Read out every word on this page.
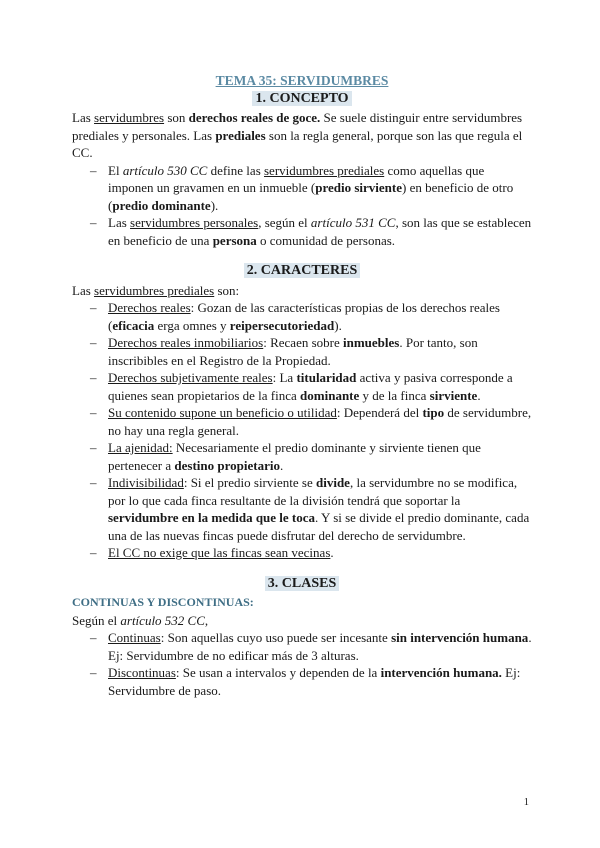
TEMA 35: SERVIDUMBRES
1. CONCEPTO

Las servidumbres son derechos reales de goce. Se suele distinguir entre servidumbres prediales y personales. Las prediales son la regla general, porque son las que regula el CC.

– El artículo 530 CC define las servidumbres prediales como aquellas que imponen un gravamen en un inmueble (predio sirviente) en beneficio de otro (predio dominante).
– Las servidumbres personales, según el artículo 531 CC, son las que se establecen en beneficio de una persona o comunidad de personas.
2. CARACTERES

Las servidumbres prediales son:

– Derechos reales: Gozan de las características propias de los derechos reales (eficacia erga omnes y reipersecutoriedad).
– Derechos reales inmobiliarios: Recaen sobre inmuebles. Por tanto, son inscribibles en el Registro de la Propiedad.
– Derechos subjetivamente reales: La titularidad activa y pasiva corresponde a quienes sean propietarios de la finca dominante y de la finca sirviente.
– Su contenido supone un beneficio o utilidad: Dependerá del tipo de servidumbre, no hay una regla general.
– La ajenidad: Necesariamente el predio dominante y sirviente tienen que pertenecer a destino propietario.
– Indivisibilidad: Si el predio sirviente se divide, la servidumbre no se modifica, por lo que cada finca resultante de la división tendrá que soportar la servidumbre en la medida que le toca. Y si se divide el predio dominante, cada una de las nuevas fincas puede disfrutar del derecho de servidumbre.
– El CC no exige que las fincas sean vecinas.
3. CLASES
CONTINUAS Y DISCONTINUAS:

Según el artículo 532 CC,

– Continuas: Son aquellas cuyo uso puede ser incesante sin intervención humana. Ej: Servidumbre de no edificar más de 3 alturas.
– Discontinuas: Se usan a intervalos y dependen de la intervención humana. Ej: Servidumbre de paso.
1
